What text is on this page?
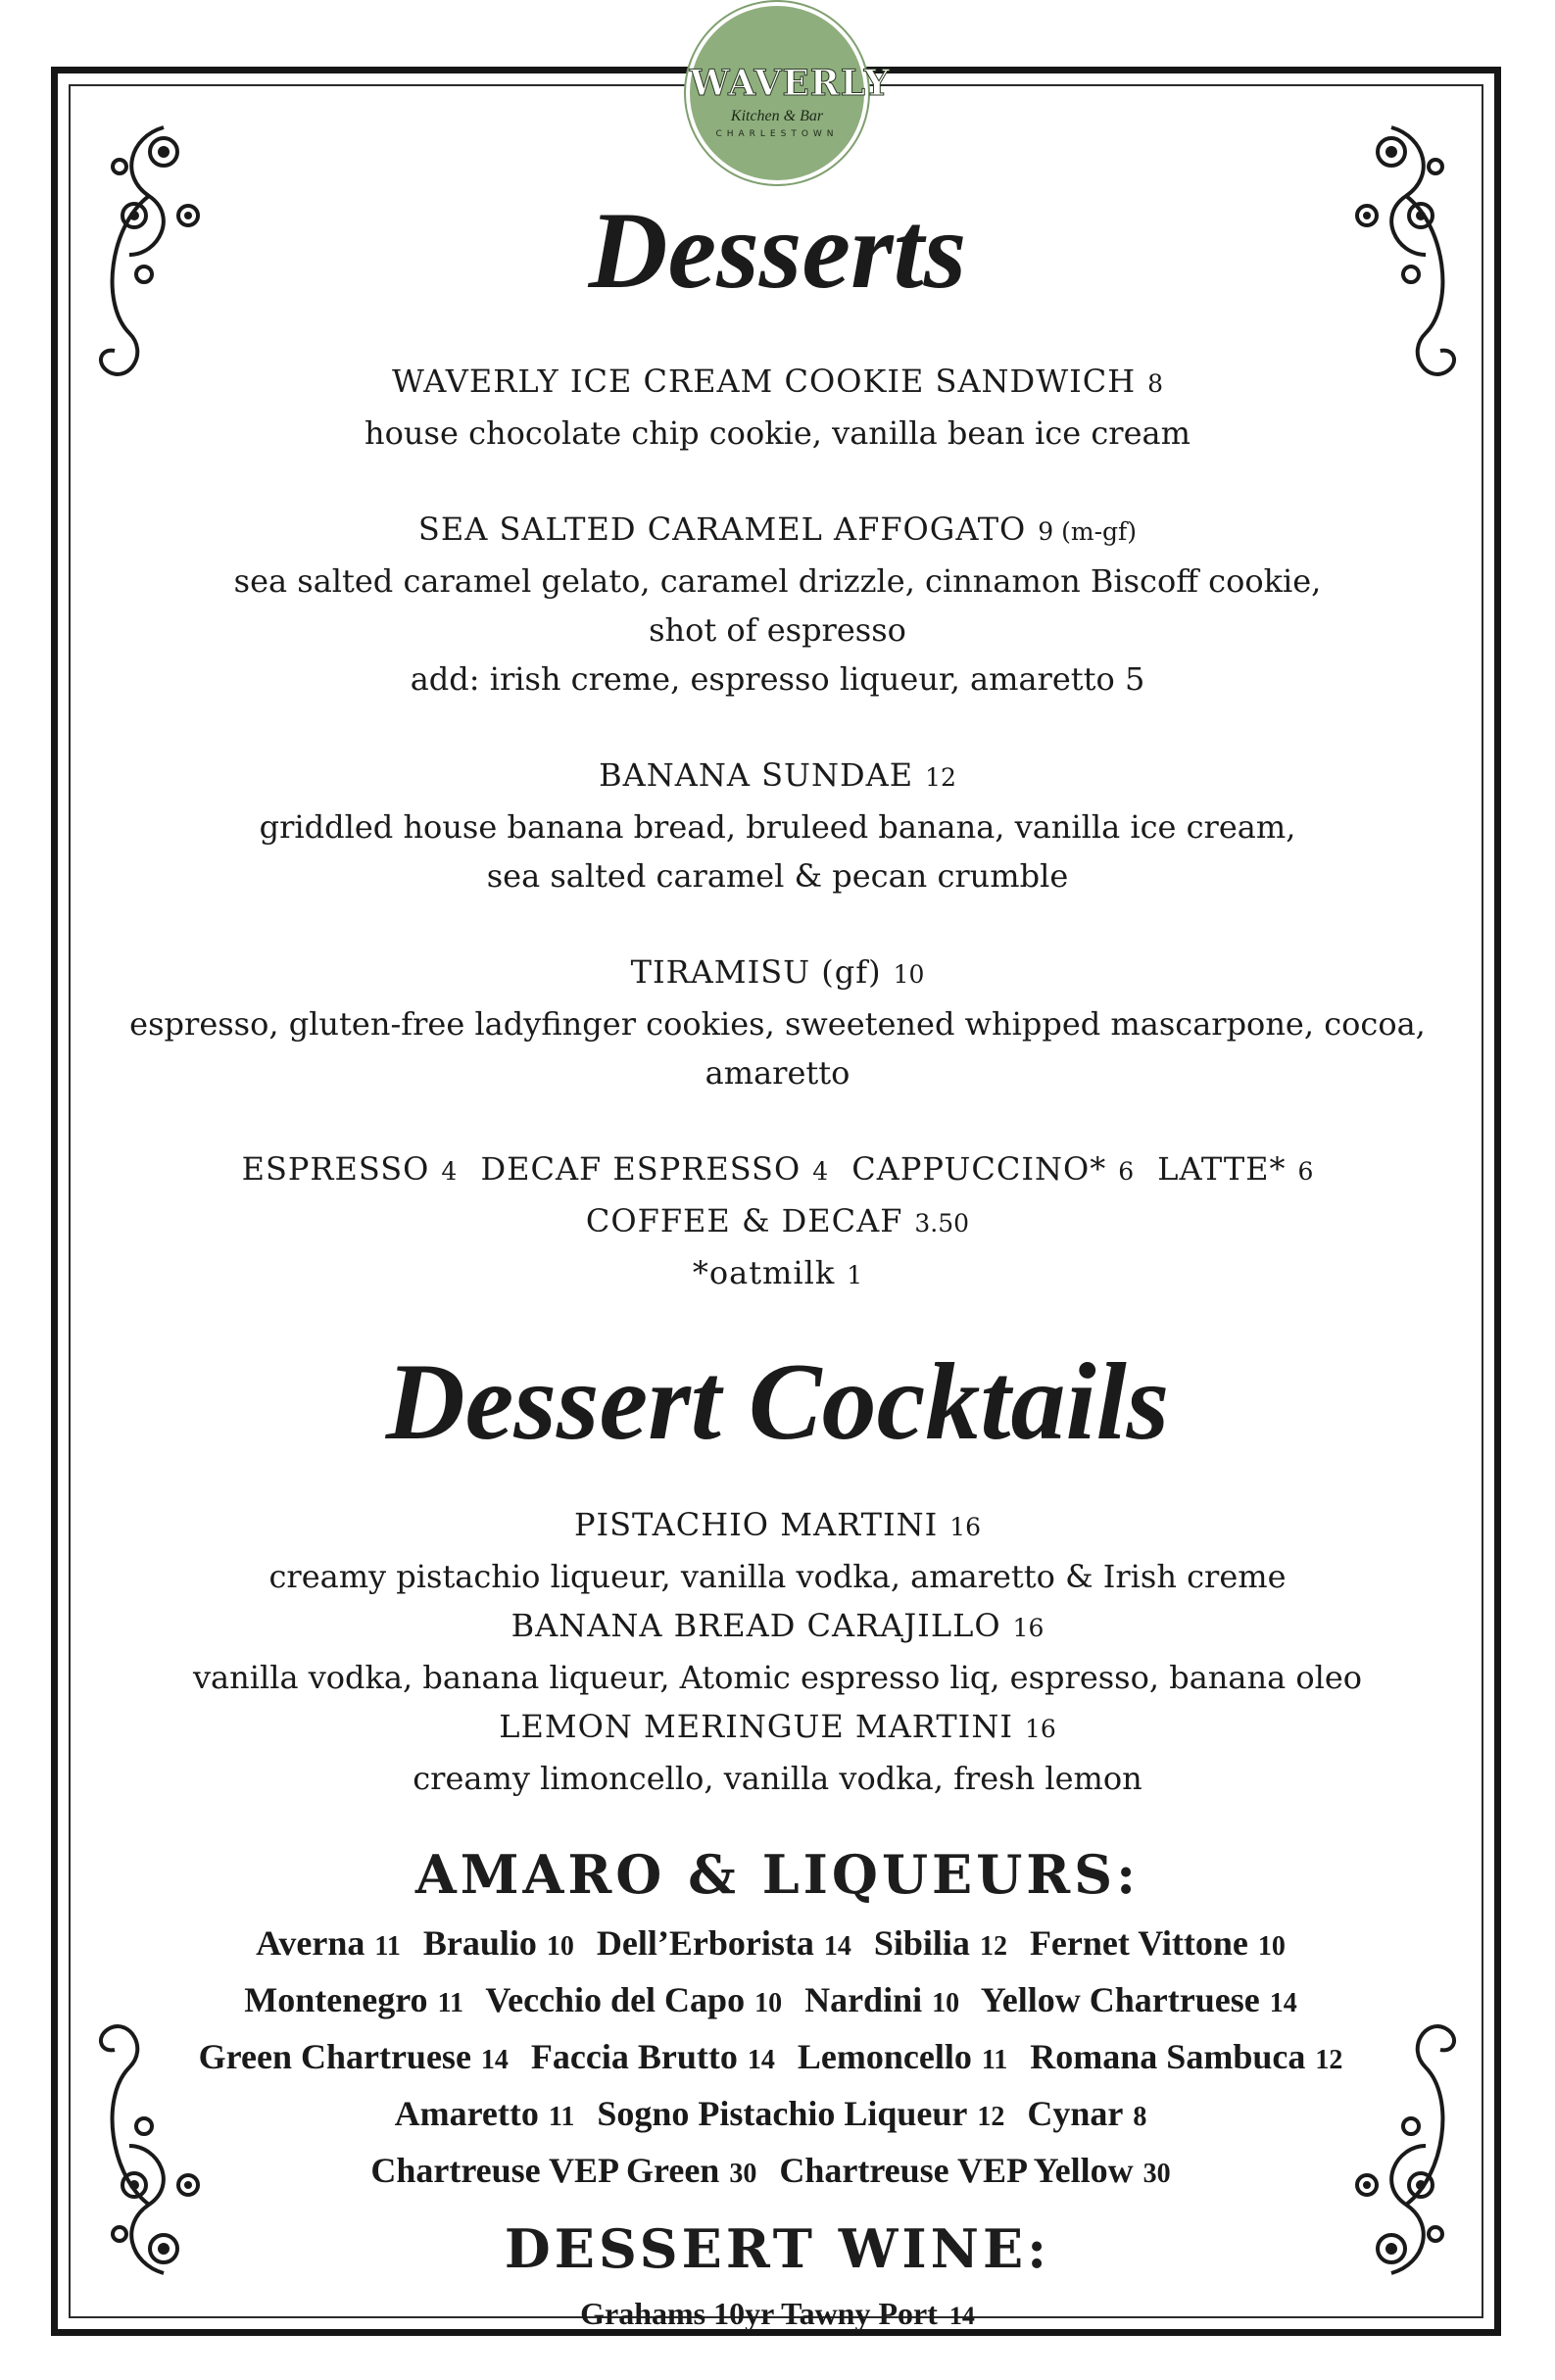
WAVERLY
Kitchen & Bar
CHARLESTOWN
Desserts
WAVERLY ICE CREAM COOKIE SANDWICH 8
house chocolate chip cookie, vanilla bean ice cream
SEA SALTED CARAMEL AFFOGATO 9 (m-gf)
sea salted caramel gelato, caramel drizzle, cinnamon Biscoff cookie,
shot of espresso
add: irish creme, espresso liqueur, amaretto 5
BANANA SUNDAE 12
griddled house banana bread, bruleed banana, vanilla ice cream,
sea salted caramel & pecan crumble
TIRAMISU (gf) 10
espresso, gluten-free ladyfinger cookies, sweetened whipped mascarpone, cocoa,
amaretto
ESPRESSO 4 DECAF ESPRESSO 4 CAPPUCCINO* 6 LATTE* 6
COFFEE & DECAF 3.50
*oatmilk 1
Dessert Cocktails
PISTACHIO MARTINI 16
creamy pistachio liqueur, vanilla vodka, amaretto & Irish creme
BANANA BREAD CARAJILLO 16
vanilla vodka, banana liqueur, Atomic espresso liq, espresso, banana oleo
LEMON MERINGUE MARTINI 16
creamy limoncello, vanilla vodka, fresh lemon
AMARO & LIQUEURS:
Averna 11 Braulio 10 Dell’Erborista 14 Sibilia 12 Fernet Vittone 10
Montenegro 11 Vecchio del Capo 10 Nardini 10 Yellow Chartruese 14
Green Chartruese 14 Faccia Brutto 14 Lemoncello 11 Romana Sambuca 12
Amaretto 11 Sogno Pistachio Liqueur 12 Cynar 8
Chartreuse VEP Green 30 Chartreuse VEP Yellow 30
DESSERT WINE:
Grahams 10yr Tawny Port 14
